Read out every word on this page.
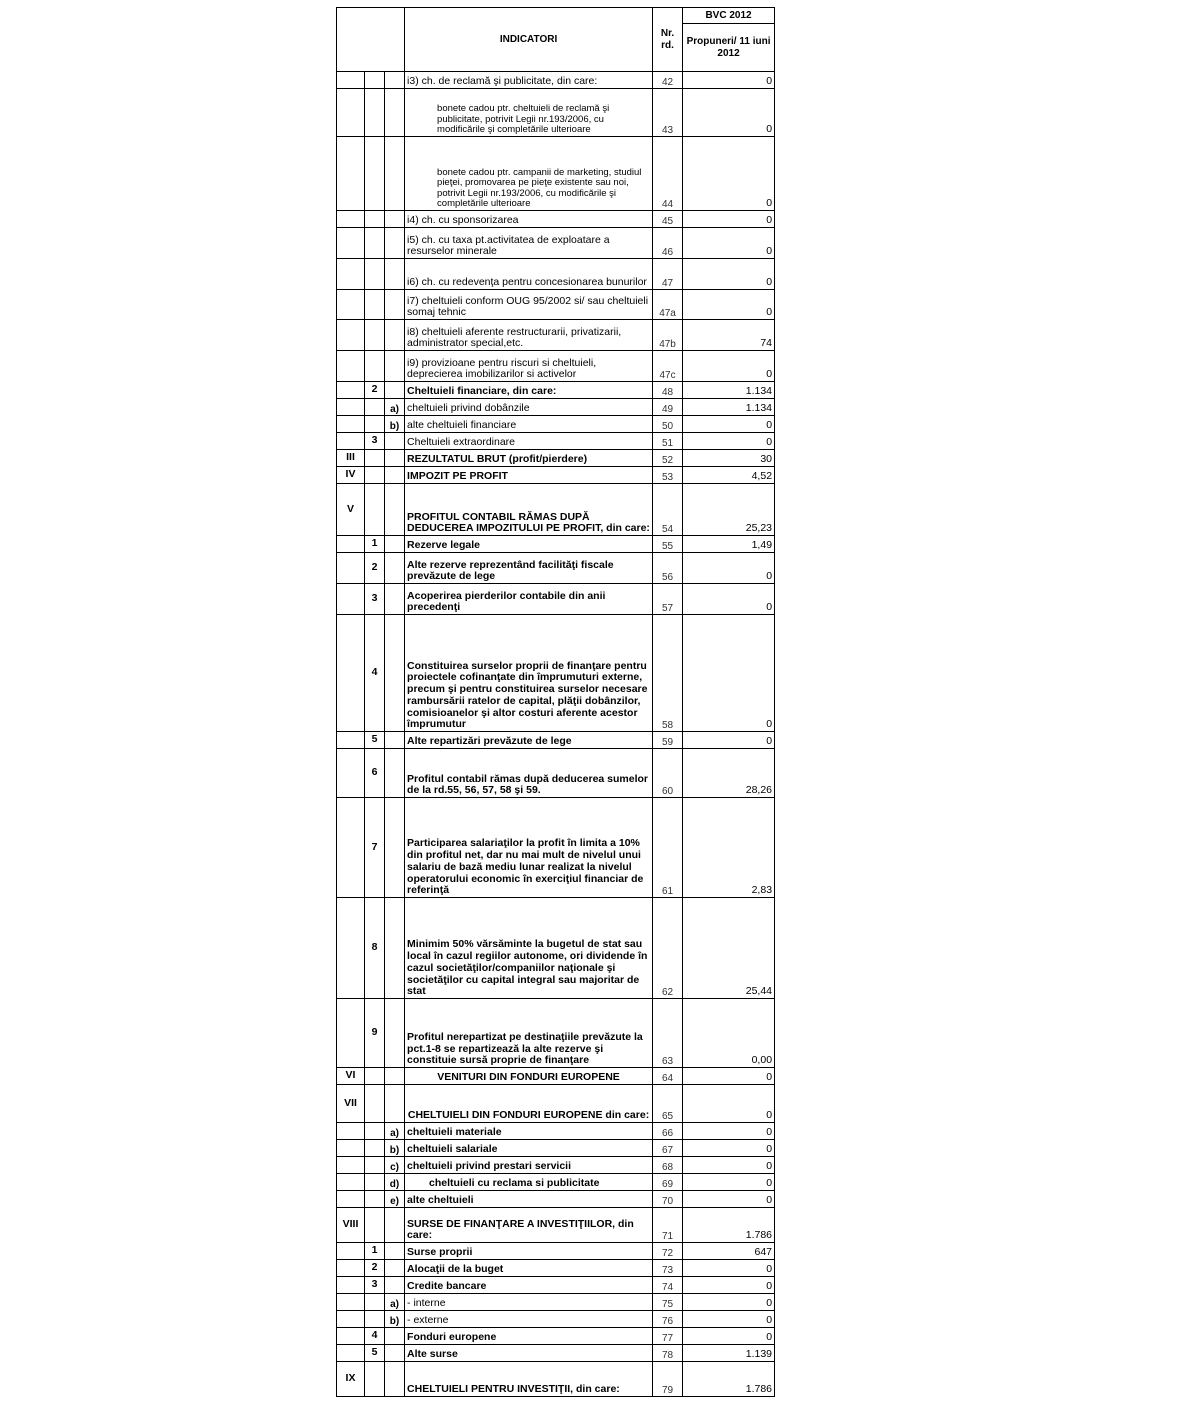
			INDICATORI	Nr. rd.	BVC 2012
					Propuneri/ 11 iuni 2012
			i3) ch. de reclamă şi publicitate, din care:	42	0
			bonete cadou ptr. cheltuieli de reclamă şi publicitate, potrivit Legii nr.193/2006, cu modificările şi completările ulterioare	43	0
			bonete cadou ptr. campanii de marketing, studiul pieţei, promovarea pe pieţe existente sau noi, potrivit Legii nr.193/2006, cu modificările şi completările ulterioare	44	0
			i4) ch. cu sponsorizarea	45	0
			i5) ch. cu taxa pt.activitatea de exploatare a resurselor minerale	46	0
			i6) ch. cu redevenţa pentru concesionarea bunurilor	47	0
			i7) cheltuieli conform OUG 95/2002 si/ sau cheltuieli somaj tehnic	47a	0
			i8) cheltuieli aferente restructurarii, privatizarii, administrator special,etc.	47b	74
			i9) provizioane pentru riscuri si cheltuieli, deprecierea imobilizarilor si activelor	47c	0
	2		Cheltuieli financiare, din care:	48	1.134
		a)	cheltuieli privind dobânzile	49	1.134
		b)	alte cheltuieli financiare	50	0
	3		Cheltuieli extraordinare	51	0
III			REZULTATUL BRUT (profit/pierdere)	52	30
IV			IMPOZIT PE PROFIT	53	4,52
V			PROFITUL CONTABIL RĂMAS DUPĂ DEDUCEREA IMPOZITULUI PE PROFIT, din care:	54	25,23
	1		Rezerve legale	55	1,49
	2		Alte rezerve reprezentând facilităţi fiscale prevăzute de lege	56	0
	3		Acoperirea pierderilor contabile din anii precedenţi	57	0
	4		Constituirea surselor proprii de finanţare pentru proiectele cofinanţate din împrumuturi externe, precum şi pentru constituirea surselor necesare rambursării ratelor de capital, plăţii dobânzilor, comisioanelor şi altor costuri aferente acestor împrumutur	58	0
	5		Alte repartizări prevăzute de lege	59	0
	6		Profitul contabil rămas după deducerea sumelor de la rd.55, 56, 57, 58 şi 59.	60	28,26
	7		Participarea salariaţilor la profit în limita a 10% din profitul net, dar nu mai mult de nivelul unui salariu de bază mediu lunar realizat la nivelul operatorului economic în exerciţiul financiar de referinţă	61	2,83
	8		Minimim 50% vărsăminte la bugetul de stat sau local în cazul regiilor autonome, ori dividende în cazul societăţilor/companiilor naţionale şi societăţilor cu capital integral sau majoritar de stat	62	25,44
	9		Profitul nerepartizat pe destinaţiile prevăzute la pct.1-8 se repartizează la alte rezerve şi constituie sursă proprie de finanţare	63	0,00
VI			VENITURI DIN FONDURI EUROPENE	64	0
VII			CHELTUIELI DIN FONDURI EUROPENE din care:	65	0
		a)	cheltuieli materiale	66	0
		b)	cheltuieli salariale	67	0
		c)	cheltuieli privind prestari servicii	68	0
		d)	cheltuieli cu reclama si publicitate	69	0
		e)	alte cheltuieli	70	0
VIII			SURSE DE FINANŢARE A INVESTIŢIILOR, din care:	71	1.786
	1		Surse proprii	72	647
	2		Alocaţii de la buget	73	0
	3		Credite bancare	74	0
		a)	- interne	75	0
		b)	- externe	76	0
	4		Fonduri europene	77	0
	5		Alte surse	78	1.139
IX			CHELTUIELI PENTRU INVESTIŢII, din care:	79	1.786
